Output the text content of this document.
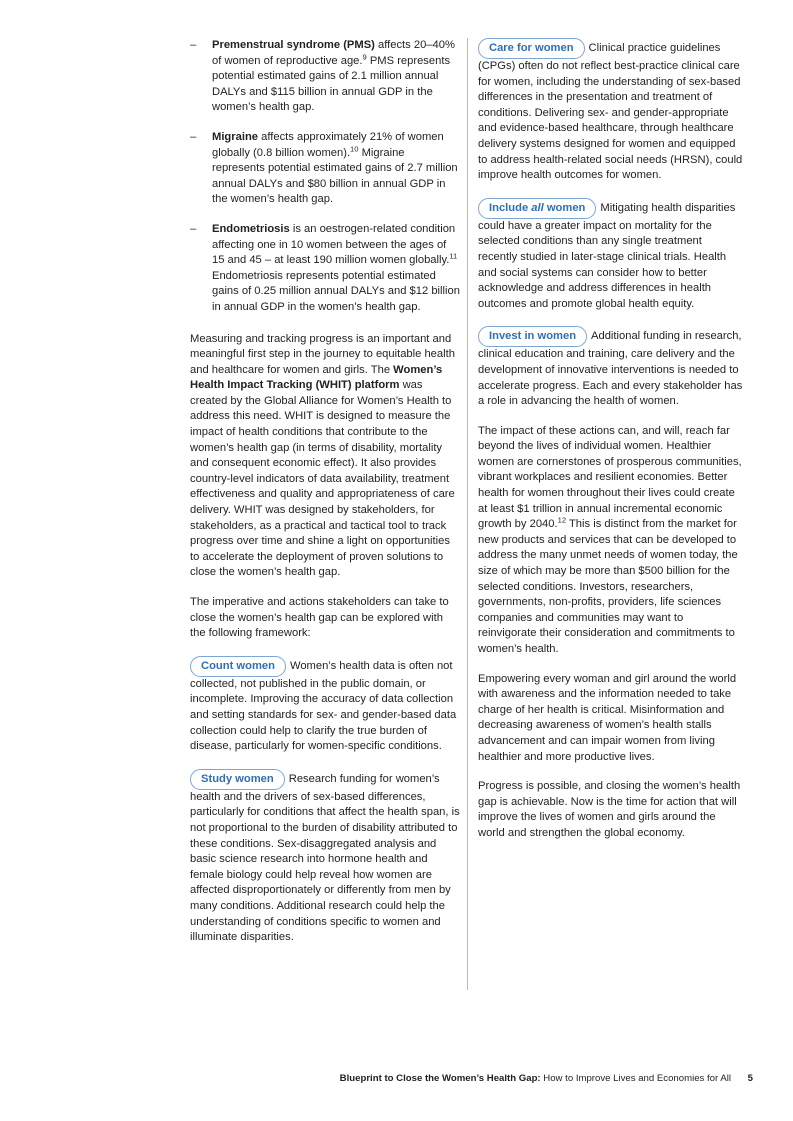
– Premenstrual syndrome (PMS) affects 20–40% of women of reproductive age.$^9$ PMS represents potential estimated gains of 2.1 million annual DALYs and $115 billion in annual GDP in the women’s health gap.
– Migraine affects approximately 21% of women globally (0.8 billion women).$^{10}$ Migraine represents potential estimated gains of 2.7 million annual DALYs and $80 billion in annual GDP in the women’s health gap.
– Endometriosis is an oestrogen-related condition affecting one in 10 women between the ages of 15 and 45 – at least 190 million women globally.$^{11}$ Endometriosis represents potential estimated gains of 0.25 million annual DALYs and $12 billion in annual GDP in the women’s health gap.

Measuring and tracking progress is an important and meaningful first step in the journey to equitable health and healthcare for women and girls. The Women’s Health Impact Tracking (WHIT) platform was created by the Global Alliance for Women’s Health to address this need. WHIT is designed to measure the impact of health conditions that contribute to the women’s health gap (in terms of disability, mortality and consequent economic effect). It also provides country-level indicators of data availability, treatment effectiveness and quality and appropriateness of care delivery. WHIT was designed by stakeholders, for stakeholders, as a practical and tactical tool to track progress over time and shine a light on opportunities to accelerate the deployment of proven solutions to close the women’s health gap.

The imperative and actions stakeholders can take to close the women’s health gap can be explored with the following framework:

Count women Women’s health data is often not collected, not published in the public domain, or incomplete. Improving the accuracy of data collection and setting standards for sex- and gender-based data collection could help to clarify the true burden of disease, particularly for women-specific conditions.

Study women Research funding for women’s health and the drivers of sex-based differences, particularly for conditions that affect the health span, is not proportional to the burden of disability attributed to these conditions. Sex-disaggregated analysis and basic science research into hormone health and female biology could help reveal how women are affected disproportionately or differently from men by many conditions. Additional research could help the understanding of conditions specific to women and illuminate disparities.

Care for women Clinical practice guidelines (CPGs) often do not reflect best-practice clinical care for women, including the understanding of sex-based differences in the presentation and treatment of conditions. Delivering sex- and gender-appropriate and evidence-based healthcare, through healthcare delivery systems designed for women and equipped to address health-related social needs (HRSN), could improve health outcomes for women.

Include all women Mitigating health disparities could have a greater impact on mortality for the selected conditions than any single treatment recently studied in later-stage clinical trials. Health and social systems can consider how to better acknowledge and address differences in health outcomes and promote global health equity.

Invest in women Additional funding in research, clinical education and training, care delivery and the development of innovative interventions is needed to accelerate progress. Each and every stakeholder has a role in advancing the health of women.

The impact of these actions can, and will, reach far beyond the lives of individual women. Healthier women are cornerstones of prosperous communities, vibrant workplaces and resilient economies. Better health for women throughout their lives could create at least $1 trillion in annual incremental economic growth by 2040.12 This is distinct from the market for new products and services that can be developed to address the many unmet needs of women today, the size of which may be more than $500 billion for the selected conditions. Investors, researchers, governments, non-profits, providers, life sciences companies and communities may want to reinvigorate their consideration and commitments to women’s health.

Empowering every woman and girl around the world with awareness and the information needed to take charge of her health is critical. Misinformation and decreasing awareness of women’s health stalls advancement and can impair women from living healthier and more productive lives.

Progress is possible, and closing the women’s health gap is achievable. Now is the time for action that will improve the lives of women and girls around the world and strengthen the global economy.

Blueprint to Close the Women’s Health Gap: How to Improve Lives and Economies for All 5
